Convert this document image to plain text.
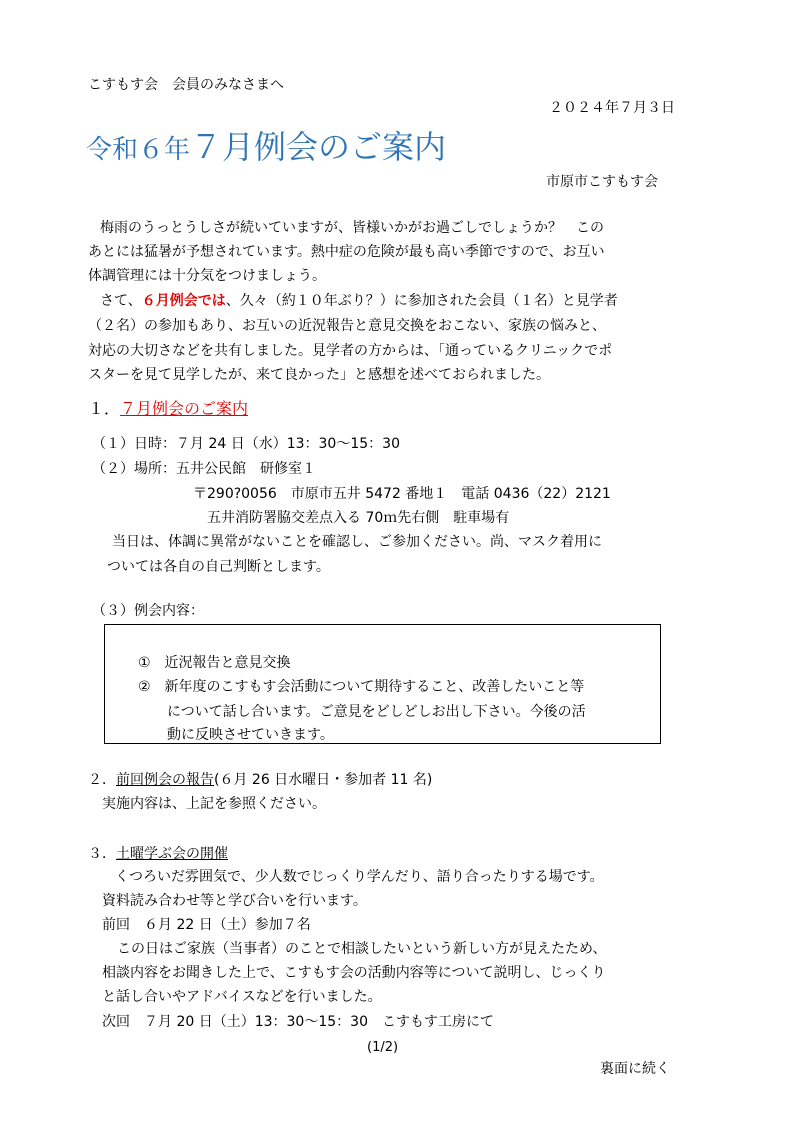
こすもす会　会員のみなさまへ
２０２４年７月３日
令和６年７月例会のご案内
市原市こすもす会
梅雨のうっとうしさが続いていますが、皆様いかがお過ごしでしょうか？　この
あとには猛暑が予想されています。熱中症の危険が最も高い季節ですので、お互い
体調管理には十分気をつけましょう。
さて、６月例会では、久々（約１０年ぶり？）に参加された会員（１名）と見学者
（２名）の参加もあり、お互いの近況報告と意見交換をおこない、家族の悩みと、
対応の大切さなどを共有しました。見学者の方からは、「通っているクリニックでポ
スターを見て見学したが、来て良かった」と感想を述べておられました。
１．７月例会のご案内
（１）日時：７月 24 日（水）13：30〜15：30
（２）場所：五井公民館　研修室１
〒290?0056　市原市五井 5472 番地１　電話 0436（22）2121
五井消防署脇交差点入る 70ｍ先右側　駐車場有
当日は、体調に異常がないことを確認し、ご参加ください。尚、マスク着用に
ついては各自の自己判断とします。
（３）例会内容：
①　近況報告と意見交換
②　新年度のこすもす会活動について期待すること、改善したいこと等
について話し合います。ご意見をどしどしお出し下さい。今後の活
動に反映させていきます。
２．前回例会の報告(６月 26 日水曜日・参加者 11 名)
実施内容は、上記を参照ください。
３．土曜学ぶ会の開催
くつろいだ雰囲気で、少人数でじっくり学んだり、語り合ったりする場です。
資料読み合わせ等と学び合いを行います。
前回　６月 22 日（土）参加７名
この日はご家族（当事者）のことで相談したいという新しい方が見えたため、
相談内容をお聞きした上で、こすもす会の活動内容等について説明し、じっくり
と話し合いやアドバイスなどを行いました。
次回　７月 20 日（土）13：30〜15：30　こすもす工房にて
(1/2)
裏面に続く
